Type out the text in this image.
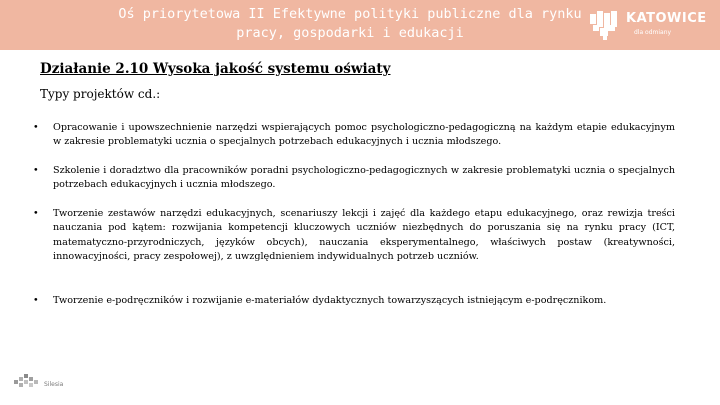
Oś priorytetowa II Efektywne polityki publiczne dla rynku
pracy, gospodarki i edukacji
KATOWICE
dla odmiany
Działanie 2.10 Wysoka jakość systemu oświaty
Typy projektów cd.:
•	Opracowanie i upowszechnienie narzędzi wspierających pomoc psychologiczno-pedagogiczną na każdym etapie edukacyjnym w zakresie problematyki ucznia o specjalnych potrzebach edukacyjnych i ucznia młodszego.
•	Szkolenie i doradztwo dla pracowników poradni psychologiczno-pedagogicznych w zakresie problematyki ucznia o specjalnych potrzebach edukacyjnych i ucznia młodszego.
•	Tworzenie zestawów narzędzi edukacyjnych, scenariuszy lekcji i zajęć dla każdego etapu edukacyjnego, oraz rewizja treści nauczania pod kątem: rozwijania kompetencji kluczowych uczniów niezbędnych do poruszania się na rynku pracy (ICT, matematyczno-przyrodniczych, języków obcych), nauczania eksperymentalnego, właściwych postaw (kreatywności, innowacyjności, pracy zespołowej), z uwzględnieniem indywidualnych potrzeb uczniów.
•	Tworzenie e-podręczników i rozwijanie e-materiałów dydaktycznych towarzyszących istniejącym e-podręcznikom.
Silesia
